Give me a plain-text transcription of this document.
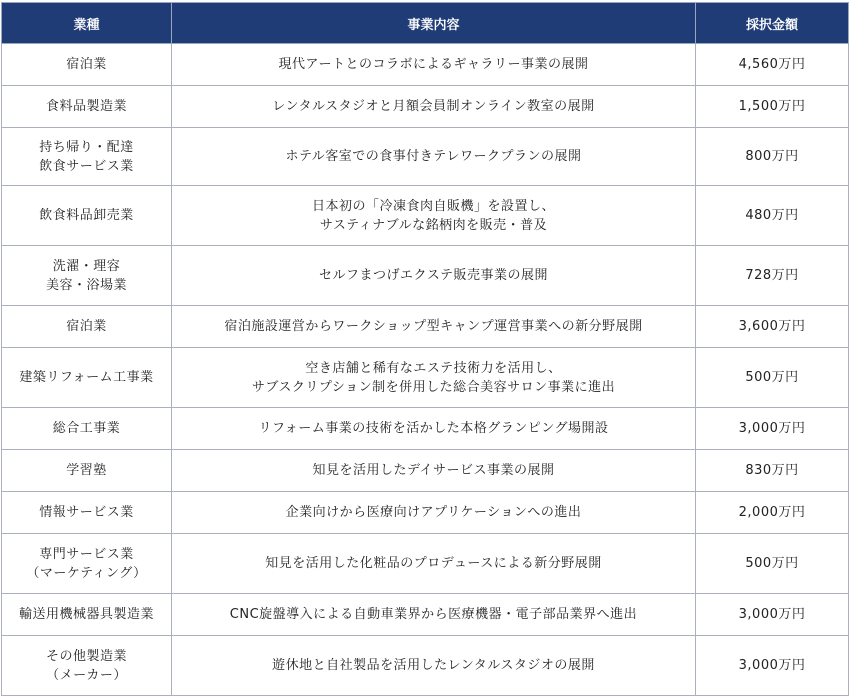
業種	事業内容	採択金額

宿泊業	現代アートとのコラボによるギャラリー事業の展開	4,560万円

食料品製造業	レンタルスタジオと月額会員制オンライン教室の展開	1,500万円

持ち帰り・配達
飲食サービス業	ホテル客室での食事付きテレワークプランの展開	800万円

飲食料品卸売業	日本初の「冷凍食肉自販機」を設置し、
サスティナブルな銘柄肉を販売・普及	480万円

洗濯・理容
美容・浴場業	セルフまつげエクステ販売事業の展開	728万円

宿泊業	宿泊施設運営からワークショップ型キャンプ運営事業への新分野展開	3,600万円

建築リフォーム工事業	空き店舗と稀有なエステ技術力を活用し、
サブスクリプション制を併用した総合美容サロン事業に進出	500万円

総合工事業	リフォーム事業の技術を活かした本格グランピング場開設	3,000万円

学習塾	知見を活用したデイサービス事業の展開	830万円

情報サービス業	企業向けから医療向けアプリケーションへの進出	2,000万円

専門サービス業
（マーケティング）	知見を活用した化粧品のプロデュースによる新分野展開	500万円

輸送用機械器具製造業	CNC旋盤導入による自動車業界から医療機器・電子部品業界へ進出	3,000万円

その他製造業
（メーカー）	遊休地と自社製品を活用したレンタルスタジオの展開	3,000万円
